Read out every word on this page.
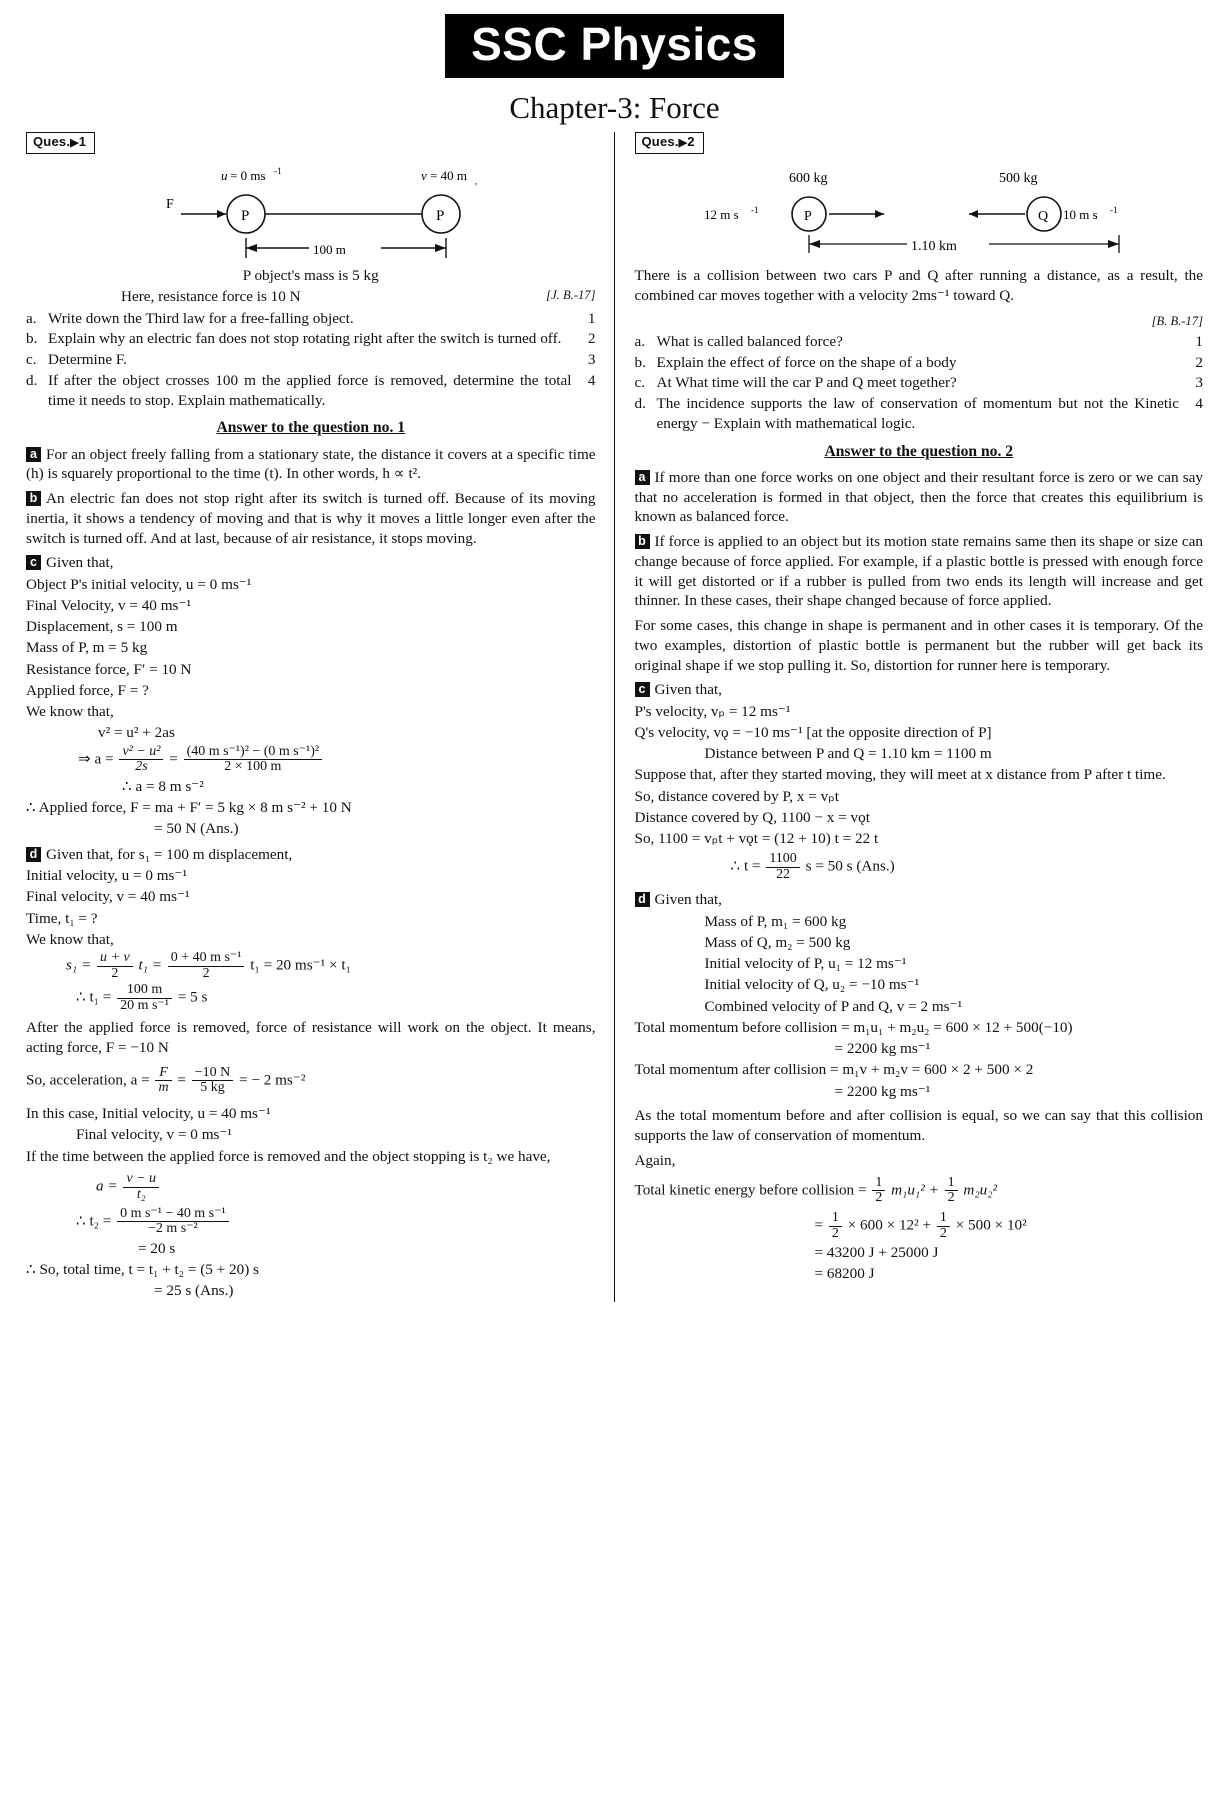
SSC Physics
Chapter-3: Force
Ques.▶1
u = 0 ms -1	v = 40 m
'
F
P	P
100 m
P object's mass is 5 kg
Here, resistance force is 10 N	[J. B.-17]
a. Write down the Third law for a free-falling object.	1
b. Explain why an electric fan does not stop rotating right after the switch is turned off.	2
c. Determine F.	3
d. If after the object crosses 100 m the applied force is removed, determine the total time it needs to stop. Explain mathematically.
4
Answer to the question no. 1

a For an object freely falling from a stationary state, the distance it covers at a specific time (h) is squarely proportional to the time (t). In other words, h ∝ t².

b An electric fan does not stop right after its switch is turned off. Because of its moving inertia, it shows a tendency of moving and that is why it moves a little longer even after the switch is turned off. And at last, because of air resistance, it stops moving.

c Given that,
Object P's initial velocity, u = 0 ms⁻¹
Final Velocity, v = 40 ms⁻¹
Displacement, s = 100 m
Mass of P, m = 5 kg
Resistance force, F′ = 10 N
Applied force, F = ?
We know that,
v² = u² + 2as
⇒ $a = \frac{\text{v² − u²}}{2s} = \frac{\text{(40 m s⁻¹)² − (0 m s⁻¹)²}}{2 \times 100 m}$
∴ a = 8 m s⁻²
∴ Applied force, F = ma + F′ = 5 kg × 8 m s⁻² + 10 N
= 50 N (Ans.)
d Given that, for s₁ = 100 m displacement,
Initial velocity, u = 0 ms⁻¹
Final velocity, v = 40 ms⁻¹
Time, t₁ = ?
We know that,
$s_1 = \frac{u + v}{2} t_1 = \frac{\text{0 + 40 m s⁻¹}}{2} t_1 = 20$ ms⁻¹ × t₁
∴ $t_1 = \frac{100 m}{\text{20 m s⁻¹}} = 5$ s

After the applied force is removed, force of resistance will work on the object. It means, acting force, F = −10 N

So, acceleration, $a = \frac{F}{m} = \frac{-10 N}{5 kg}$ = − 2 ms⁻²
In this case, Initial velocity, u = 40 ms⁻¹
Final velocity, v = 0 ms⁻¹
If the time between the applied force is removed and the object stopping is t₂ we have,
$a = \frac{v - u}{\text{t₂}}$
∴ $t_2 = \frac{\text{0 m s⁻¹ − 40 m s⁻¹}}{\text{−2 m s⁻²}}$
= 20 s
∴ So, total time, t = t₁ + t₂ = (5 + 20) s
= 25 s (Ans.)
Ques.▶2
600 kg	500 kg
12 m s -1	P	Q 10 m s -1
1.10 km

There is a collision between two cars P and Q after running a distance, as a result, the combined car moves together with a velocity 2ms⁻¹ toward Q.

[B. B.-17]
a. What is called balanced force?	1
b. Explain the effect of force on the shape of a body	2
c. At What time will the car P and Q meet together?	3
d. The incidence supports the law of conservation of momentum but not the Kinetic energy − Explain with mathematical logic.
4
Answer to the question no. 2

a If more than one force works on one object and their resultant force is zero or we can say that no acceleration is formed in that object, then the force that creates this equilibrium is known as balanced force.

b If force is applied to an object but its motion state remains same then its shape or size can change because of force applied. For example, if a plastic bottle is pressed with enough force it will get distorted or if a rubber is pulled from two ends its length will increase and get thinner. In these cases, their shape changed because of force applied.

For some cases, this change in shape is permanent and in other cases it is temporary. Of the two examples, distortion of plastic bottle is permanent but the rubber will get back its original shape if we stop pulling it. So, distortion for runner here is temporary.

c Given that,
P's velocity, vₚ = 12 ms⁻¹
Q's velocity, vǫ = −10 ms⁻¹ [at the opposite direction of P]
Distance between P and Q = 1.10 km = 1100 m
Suppose that, after they started moving, they will meet at x distance from P after t time.
So, distance covered by P, x = vₚt
Distance covered by Q, 1100 − x = vǫt
So, 1100 = vₚt + vǫt = (12 + 10) t = 22 t
∴ $t = \frac{1100}{22}$ s = 50 s (Ans.)
d Given that,
Mass of P, m₁ = 600 kg
Mass of Q, m₂ = 500 kg
Initial velocity of P, u₁ = 12 ms⁻¹
Initial velocity of Q, u₂ = −10 ms⁻¹
Combined velocity of P and Q, v = 2 ms⁻¹
Total momentum before collision = m₁u₁ + m₂u₂ = 600 × 12 + 500(−10)
= 2200 kg ms⁻¹
Total momentum after collision = m₁v + m₂v = 600 × 2 + 500 × 2
= 2200 kg ms⁻¹

As the total momentum before and after collision is equal, so we can say that this collision supports the law of conservation of momentum.

Again,
Total kinetic energy before collision = $\frac{1}{2} m_1u_1^2 + \frac{1}{2} m_2u_2^2$
= $\frac{1}{2} \times 600 \times 12^2 + \frac{1}{2} \times 500 \times 10^2$
= 43200 J + 25000 J
= 68200 J
